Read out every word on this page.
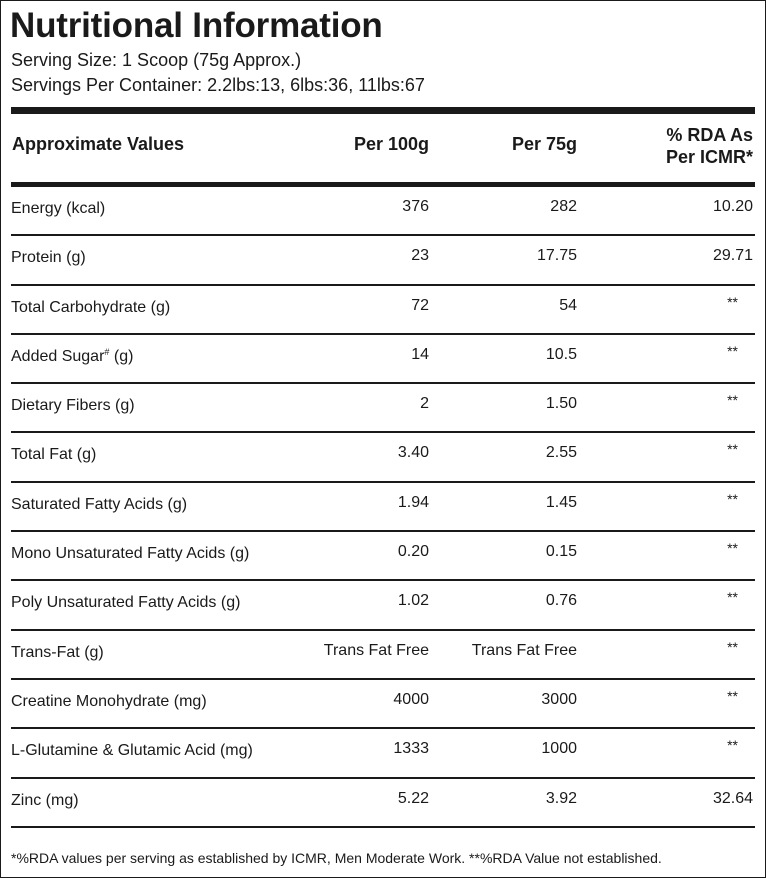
Nutritional Information
Serving Size: 1 Scoop (75g Approx.)
Servings Per Container: 2.2lbs:13, 6lbs:36, 11lbs:67
Approximate Values	Per 100g	Per 75g	% RDA As
Per ICMR*
Energy (kcal)	376	282	10.20
Protein (g)	23	17.75	29.71
Total Carbohydrate (g)	72	54	**
Added Sugar# (g)	14	10.5	**
Dietary Fibers (g)	2	1.50	**
Total Fat (g)	3.40	2.55	**
Saturated Fatty Acids (g)	1.94	1.45	**
Mono Unsaturated Fatty Acids (g)	0.20	0.15	**
Poly Unsaturated Fatty Acids (g)	1.02	0.76	**
Trans-Fat (g)	Trans Fat Free	Trans Fat Free	**
Creatine Monohydrate (mg)	4000	3000	**
L-Glutamine & Glutamic Acid (mg)	1333	1000	**
Zinc (mg)	5.22	3.92	32.64
*%RDA values per serving as established by ICMR, Men Moderate Work. **%RDA Value not established.
